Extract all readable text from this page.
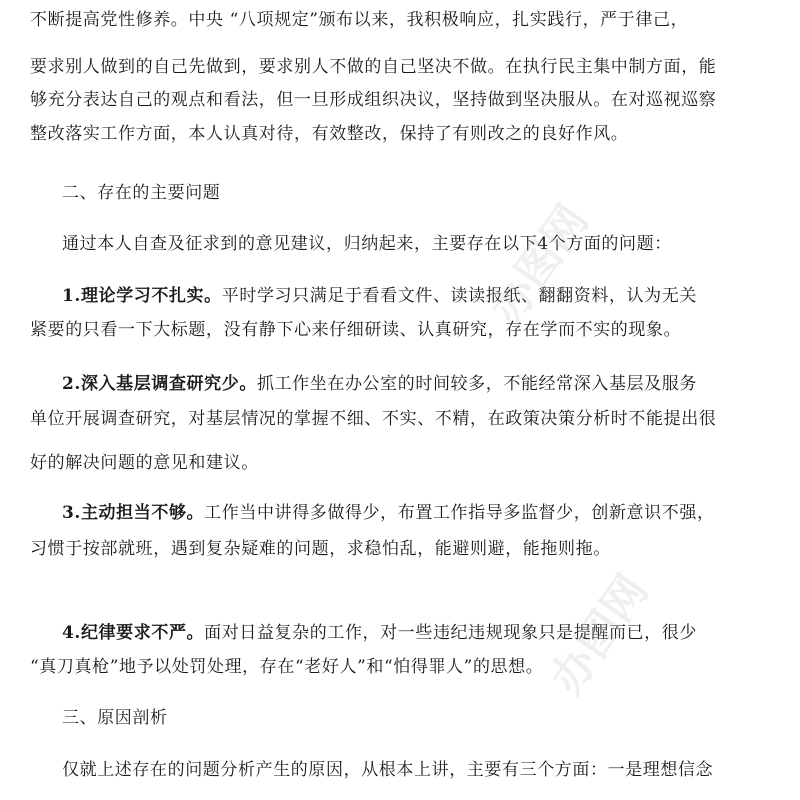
不断提高党性修养。中央 “八项规定”颁布以来，我积极响应，扎实践行，严于律己，
要求别人做到的自己先做到，要求别人不做的自己坚决不做。在执行民主集中制方面，能
够充分表达自己的观点和看法，但一旦形成组织决议，坚持做到坚决服从。在对巡视巡察
整改落实工作方面，本人认真对待，有效整改，保持了有则改之的良好作风。
二、存在的主要问题
通过本人自查及征求到的意见建议，归纳起来，主要存在以下4个方面的问题：
1.理论学习不扎实。平时学习只满足于看看文件、读读报纸、翻翻资料，认为无关
紧要的只看一下大标题，没有静下心来仔细研读、认真研究，存在学而不实的现象。
2.深入基层调查研究少。抓工作坐在办公室的时间较多，不能经常深入基层及服务
单位开展调查研究，对基层情况的掌握不细、不实、不精，在政策决策分析时不能提出很
好的解决问题的意见和建议。
3.主动担当不够。工作当中讲得多做得少，布置工作指导多监督少，创新意识不强，
习惯于按部就班，遇到复杂疑难的问题，求稳怕乱，能避则避，能拖则拖。
4.纪律要求不严。面对日益复杂的工作，对一些违纪违规现象只是提醒而已，很少
“真刀真枪”地予以处罚处理，存在“老好人”和“怕得罪人”的思想。
三、原因剖析
仅就上述存在的问题分析产生的原因，从根本上讲，主要有三个方面：一是理想信念
办图网
办图网
